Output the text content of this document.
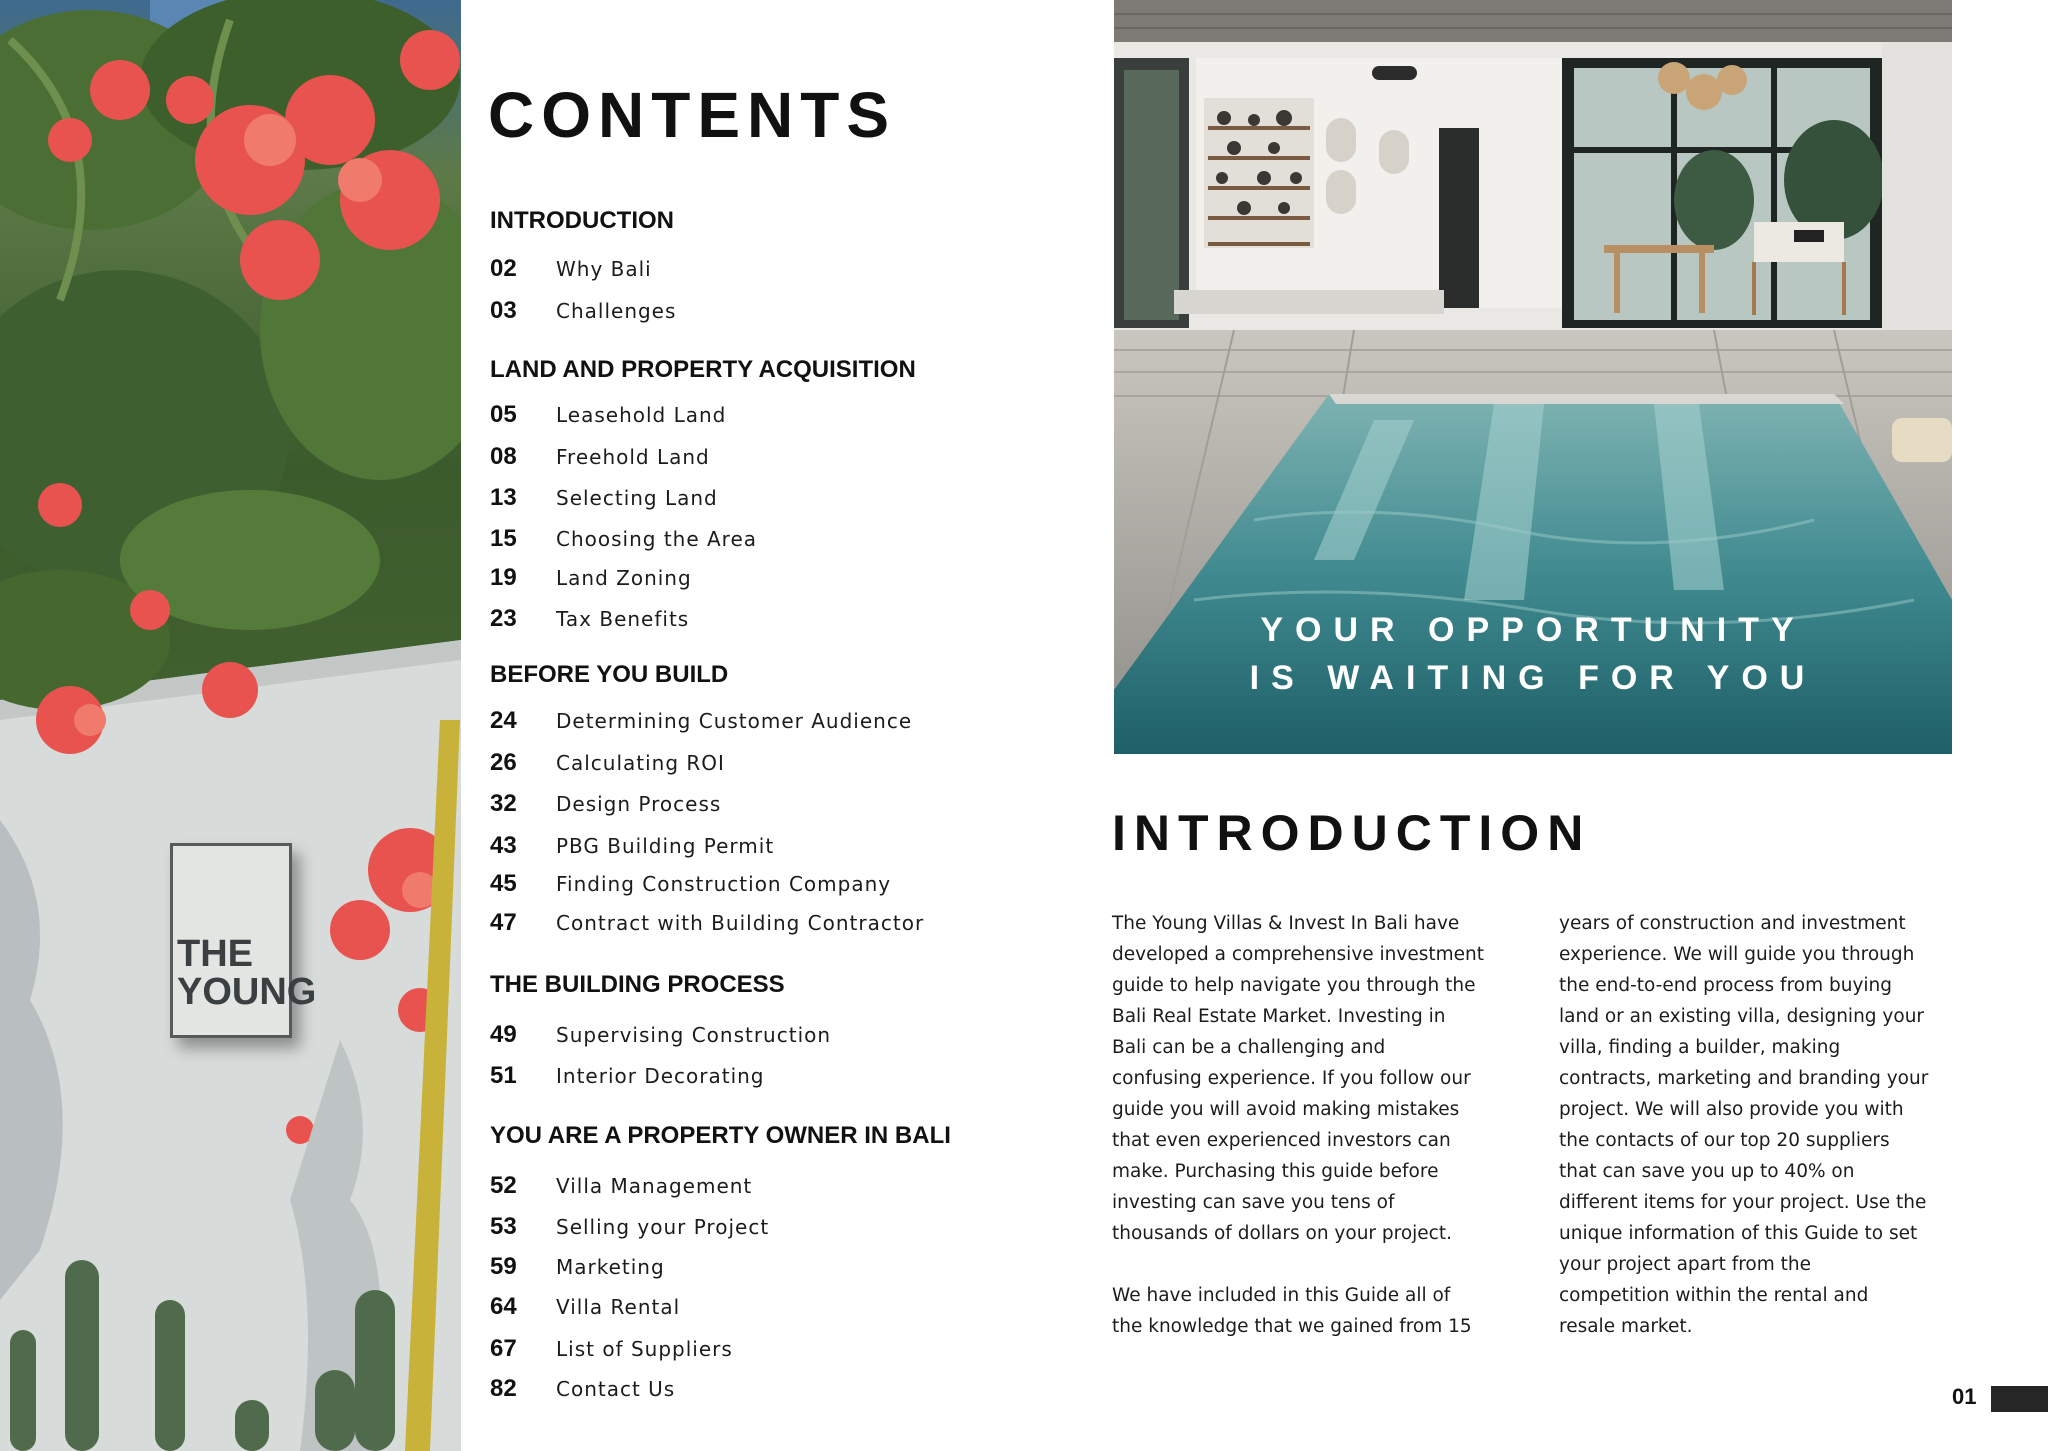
THE
YOUNG
CONTENTS
INTRODUCTION
02	Why Bali
03	Challenges
LAND AND PROPERTY ACQUISITION
05	Leasehold Land
08	Freehold Land
13	Selecting Land
15	Choosing the Area
19	Land Zoning
23	Tax Benefits
BEFORE YOU BUILD
24	Determining Customer Audience
26	Calculating ROI
32	Design Process
43	PBG Building Permit
45	Finding Construction Company
47	Contract with Building Contractor
THE BUILDING PROCESS
49	Supervising Construction
51	Interior Decorating
YOU ARE A PROPERTY OWNER IN BALI
52	Villa Management
53	Selling your Project
59	Marketing
64	Villa Rental
67	List of Suppliers
82	Contact Us
YOUR OPPORTUNITY
IS WAITING FOR YOU
INTRODUCTION
The Young Villas & Invest In Bali have
developed a comprehensive investment
guide to help navigate you through the
Bali Real Estate Market. Investing in
Bali can be a challenging and
confusing experience. If you follow our
guide you will avoid making mistakes
that even experienced investors can
make. Purchasing this guide before
investing can save you tens of
thousands of dollars on your project.

We have included in this Guide all of
the knowledge that we gained from 15
years of construction and investment
experience. We will guide you through
the end-to-end process from buying
land or an existing villa, designing your
villa, finding a builder, making
contracts, marketing and branding your
project. We will also provide you with
the contacts of our top 20 suppliers
that can save you up to 40% on
different items for your project. Use the
unique information of this Guide to set
your project apart from the
competition within the rental and
resale market.
01
